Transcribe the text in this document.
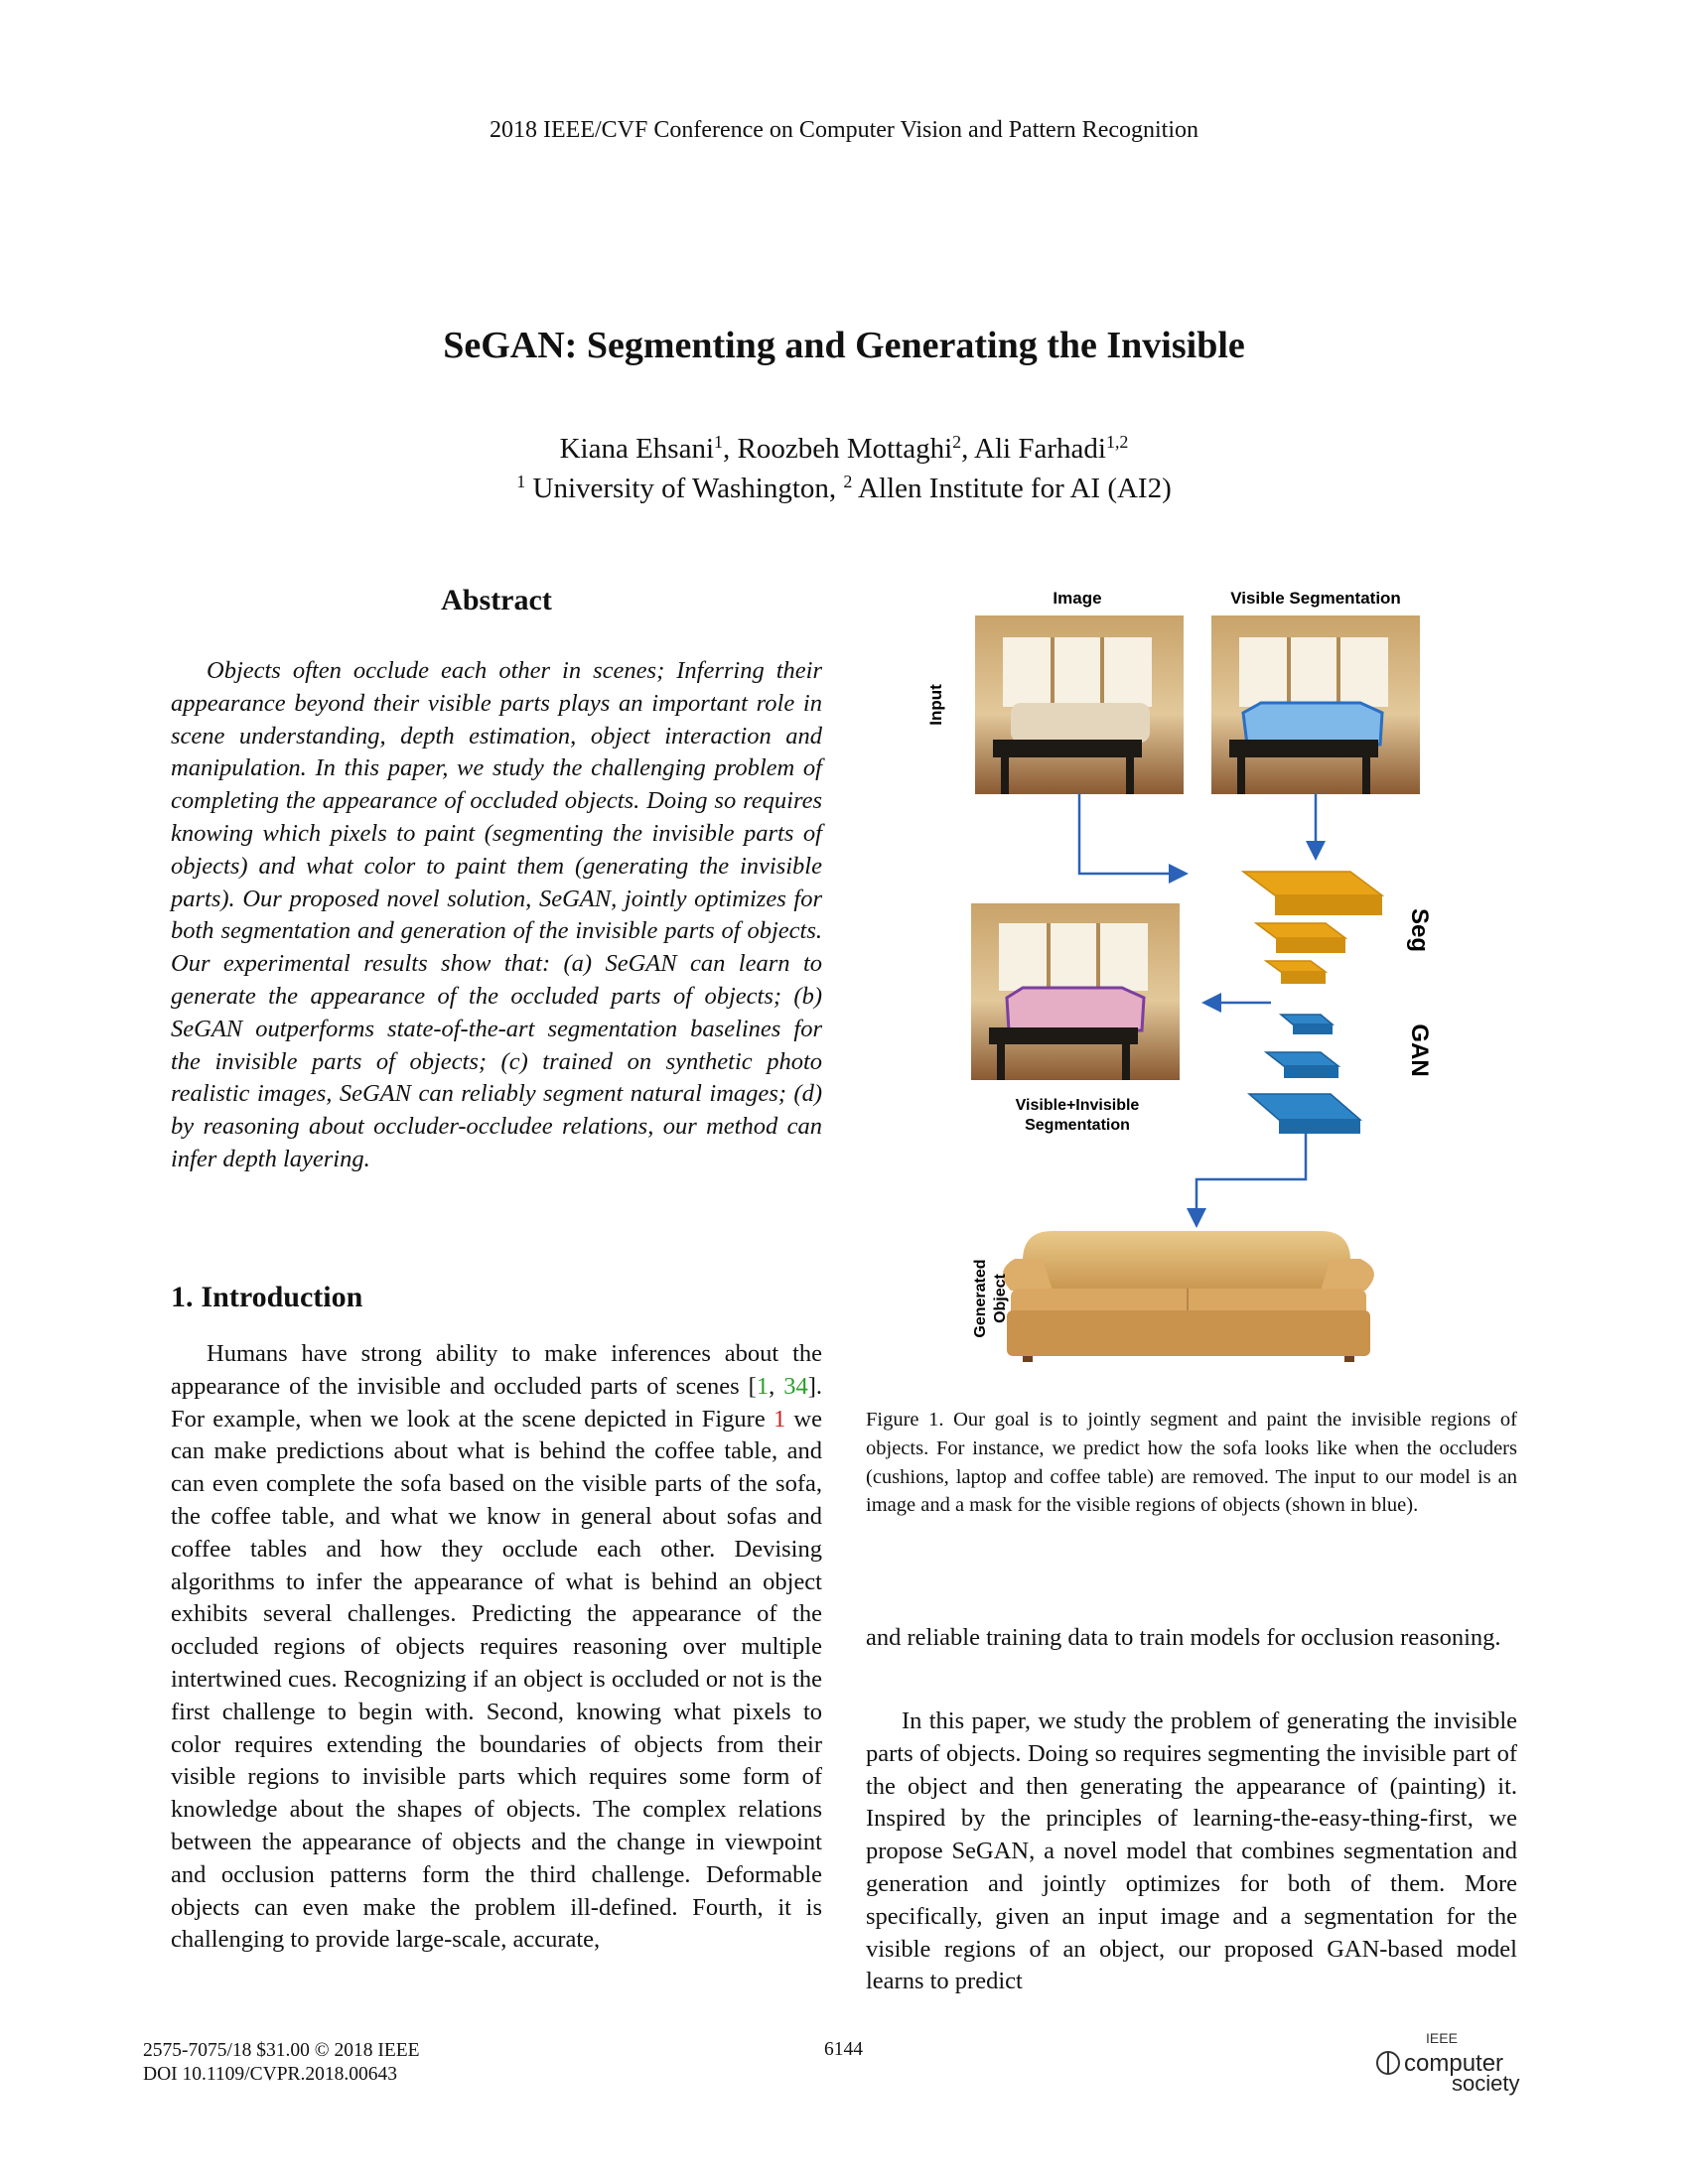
2018 IEEE/CVF Conference on Computer Vision and Pattern Recognition
SeGAN: Segmenting and Generating the Invisible
Kiana Ehsani$^1$, Roozbeh Mottaghi$^2$, Ali Farhadi$^{1,2}$
$^1$ University of Washington, $^2$ Allen Institute for AI (AI2)
Abstract
Objects often occlude each other in scenes; Inferring their appearance beyond their visible parts plays an important role in scene understanding, depth estimation, object interaction and manipulation. In this paper, we study the challenging problem of completing the appearance of occluded objects. Doing so requires knowing which pixels to paint (segmenting the invisible parts of objects) and what color to paint them (generating the invisible parts). Our proposed novel solution, SeGAN, jointly optimizes for both segmentation and generation of the invisible parts of objects. Our experimental results show that: (a) SeGAN can learn to generate the appearance of the occluded parts of objects; (b) SeGAN outperforms state-of-the-art segmentation baselines for the invisible parts of objects; (c) trained on synthetic photo realistic images, SeGAN can reliably segment natural images; (d) by reasoning about occluder-occludee relations, our method can infer depth layering.
1. Introduction
Humans have strong ability to make inferences about the appearance of the invisible and occluded parts of scenes [1, 34]. For example, when we look at the scene depicted in Figure 1 we can make predictions about what is behind the coffee table, and can even complete the sofa based on the visible parts of the sofa, the coffee table, and what we know in general about sofas and coffee tables and how they occlude each other. Devising algorithms to infer the appearance of what is behind an object exhibits several challenges. Predicting the appearance of the occluded regions of objects requires reasoning over multiple intertwined cues. Recognizing if an object is occluded or not is the first challenge to begin with. Second, knowing what pixels to color requires extending the boundaries of objects from their visible regions to invisible parts which requires some form of knowledge about the shapes of objects. The complex relations between the appearance of objects and the change in viewpoint and occlusion patterns form the third challenge. Deformable objects can even make the problem ill-defined. Fourth, it is challenging to provide large-scale, accurate,
Image	Visible Segmentation
Input
Seg
GAN
Visible+Invisible
Segmentation
Generated Object
Figure 1. Our goal is to jointly segment and paint the invisible regions of objects. For instance, we predict how the sofa looks like when the occluders (cushions, laptop and coffee table) are removed. The input to our model is an image and a mask for the visible regions of objects (shown in blue).
and reliable training data to train models for occlusion reasoning.
In this paper, we study the problem of generating the invisible parts of objects. Doing so requires segmenting the invisible part of the object and then generating the appearance of (painting) it. Inspired by the principles of learning-the-easy-thing-first, we propose SeGAN, a novel model that combines segmentation and generation and jointly optimizes for both of them. More specifically, given an input image and a segmentation for the visible regions of an object, our proposed GAN-based model learns to predict
2575-7075/18 $31.00 © 2018 IEEE
DOI 10.1109/CVPR.2018.00643
6144
IEEE
computer
society
